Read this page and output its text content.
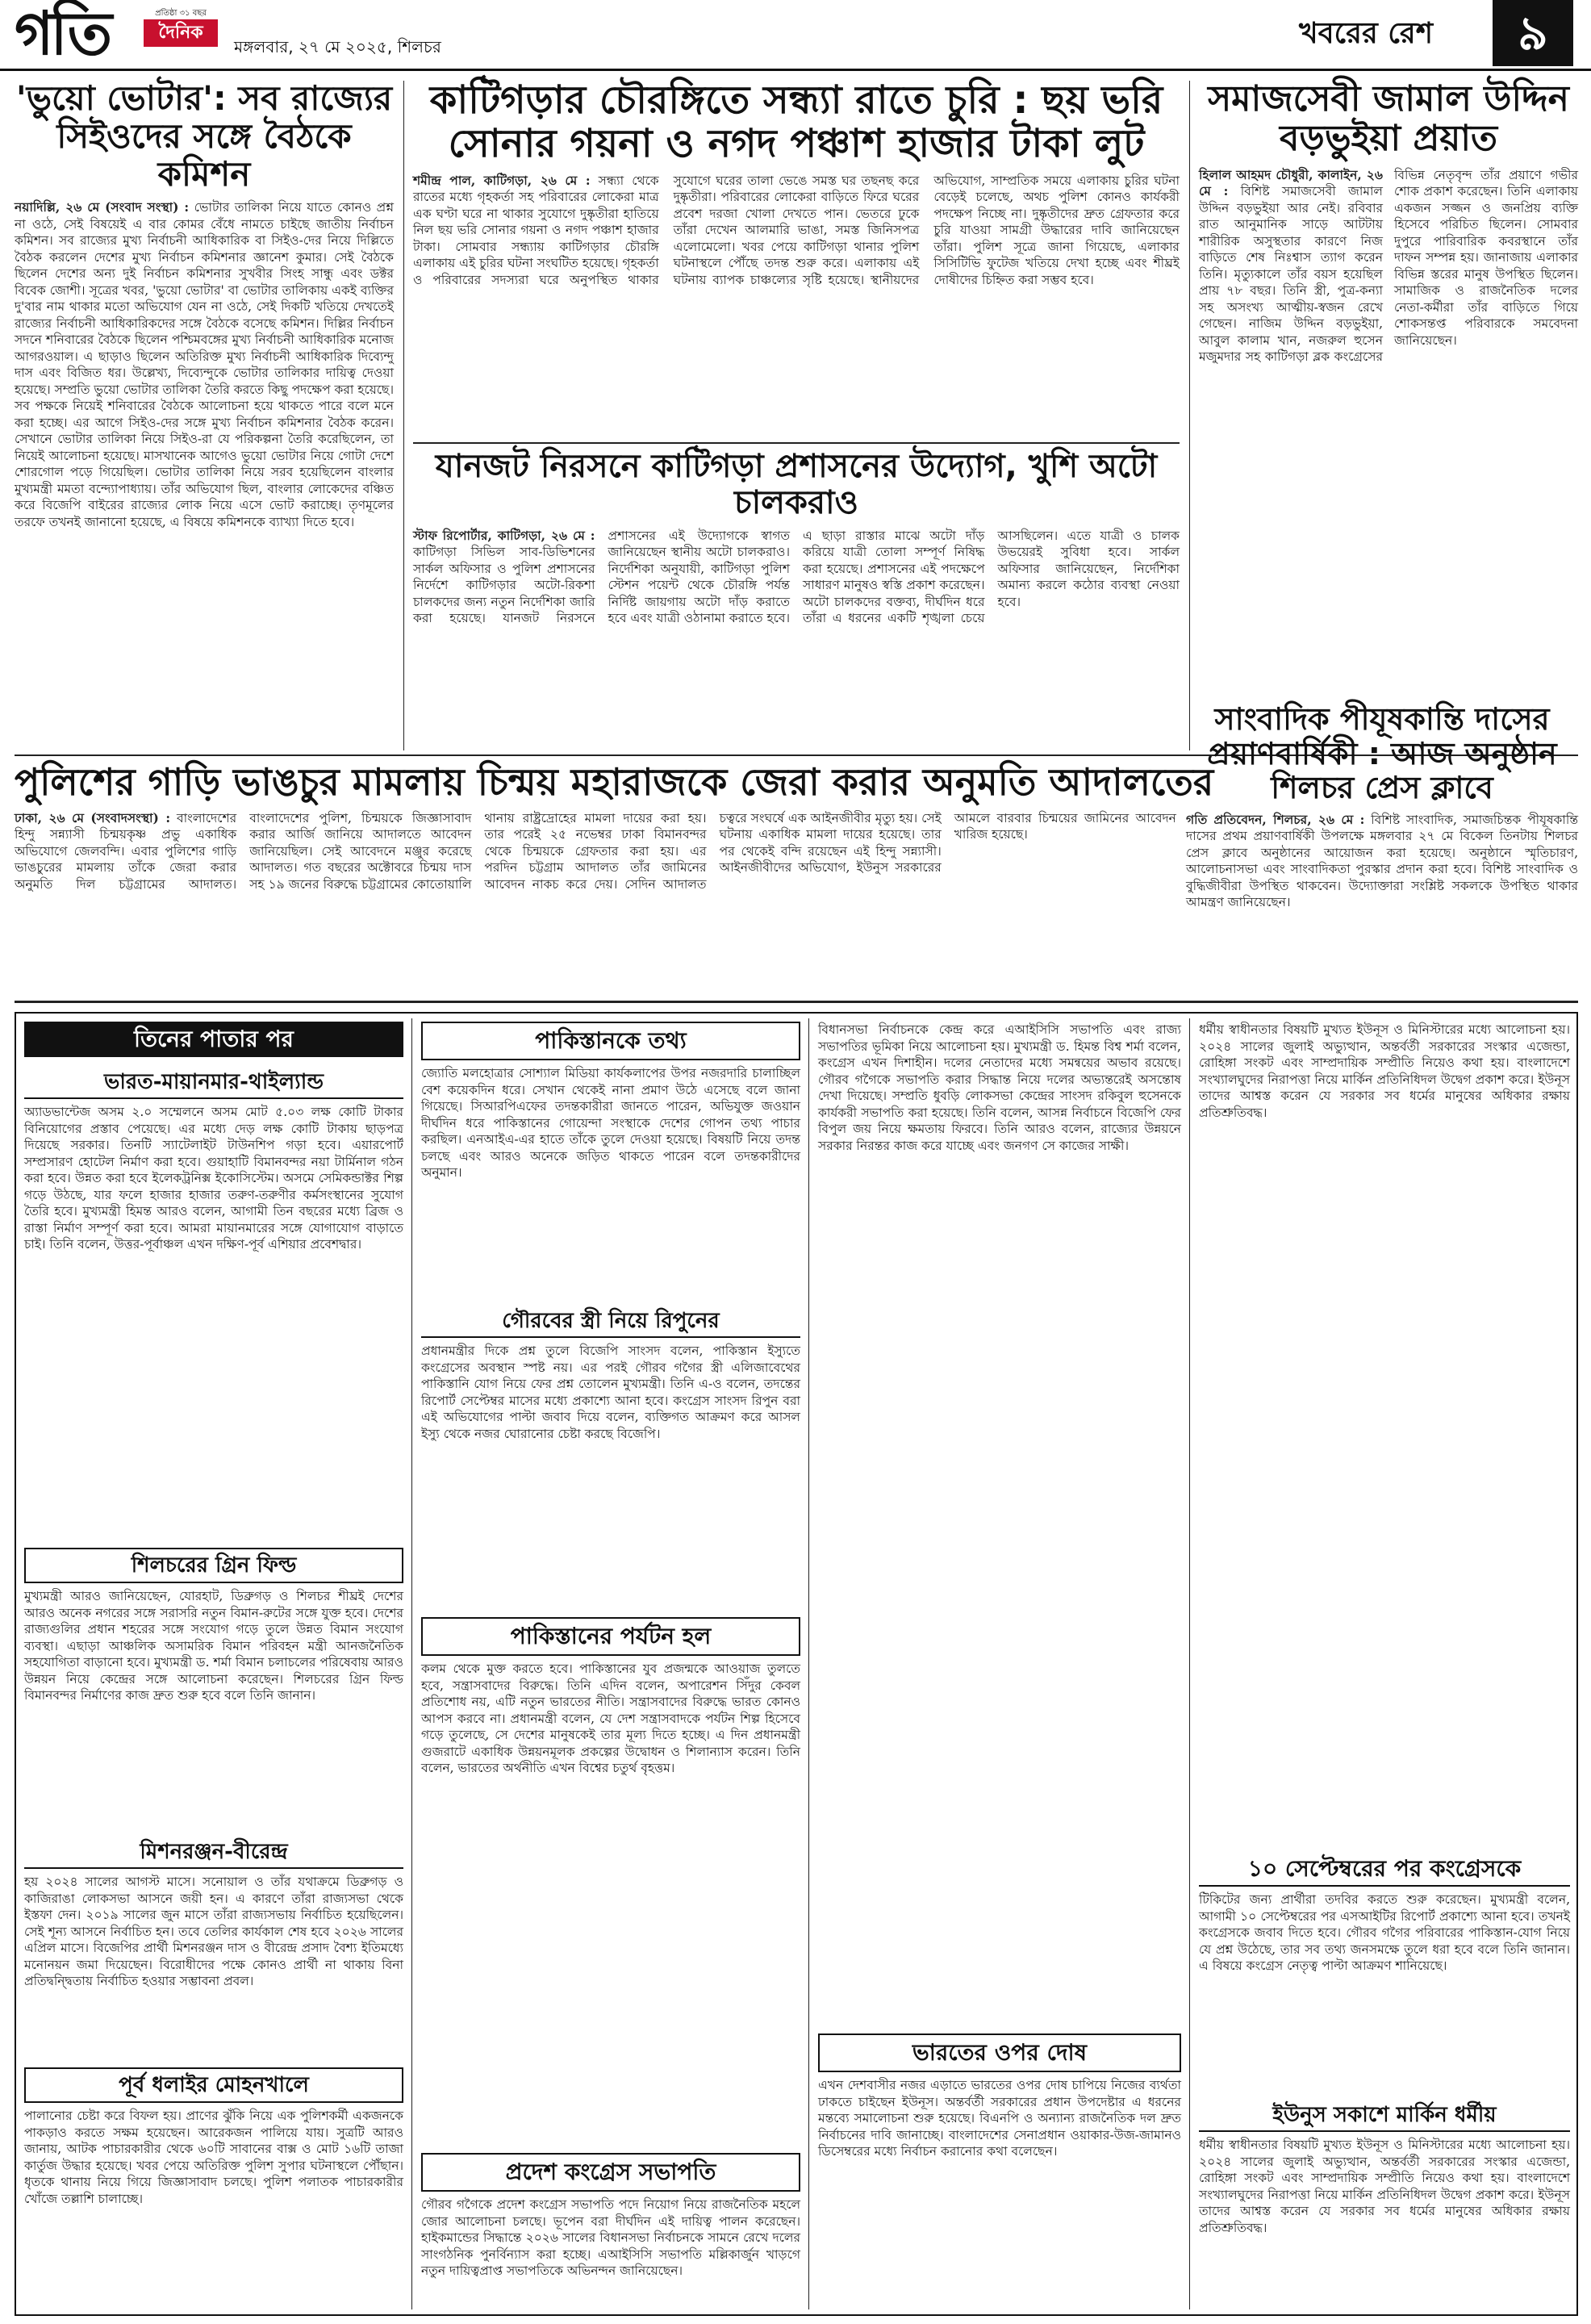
গতি	প্রতিষ্ঠা ৩১ বছর
দৈনিক
মঙ্গলবার, ২৭ মে ২০২৫, শিলচর	খবরের রেশ	৯
'ভুয়ো ভোটার': সব রাজ্যের সিইওদের সঙ্গে বৈঠকে কমিশন
নয়াদিল্লি, ২৬ মে (সংবাদ সংস্থা) : ভোটার তালিকা নিয়ে যাতে কোনও প্রশ্ন না ওঠে, সেই বিষয়েই এ বার কোমর বেঁধে নামতে চাইছে জাতীয় নির্বাচন কমিশন। সব রাজ্যের মুখ্য নির্বাচনী আধিকারিক বা সিইও-দের নিয়ে দিল্লিতে বৈঠক করলেন দেশের মুখ্য নির্বাচন কমিশনার জ্ঞানেশ কুমার। সেই বৈঠকে ছিলেন দেশের অন্য দুই নির্বাচন কমিশনার সুখবীর সিংহ সান্ধু এবং ডক্টর বিবেক জোশী। সূত্রের খবর, 'ভুয়ো ভোটার' বা ভোটার তালিকায় একই ব্যক্তির দু'বার নাম থাকার মতো অভিযোগ যেন না ওঠে, সেই দিকটি খতিয়ে দেখতেই রাজ্যের নির্বাচনী আধিকারিকদের সঙ্গে বৈঠকে বসেছে কমিশন। দিল্লির নির্বাচন সদনে শনিবারের বৈঠকে ছিলেন পশ্চিমবঙ্গের মুখ্য নির্বাচনী আধিকারিক মনোজ আগরওয়াল। এ ছাড়াও ছিলেন অতিরিক্ত মুখ্য নির্বাচনী আধিকারিক দিব্যেন্দু দাস এবং বিজিত ধর। উল্লেখ্য, দিব্যেন্দুকে ভোটার তালিকার দায়িত্ব দেওয়া হয়েছে। সম্প্রতি ভুয়ো ভোটার তালিকা তৈরি করতে কিছু পদক্ষেপ করা হয়েছে। সব পক্ষকে নিয়েই শনিবারের বৈঠকে আলোচনা হয়ে থাকতে পারে বলে মনে করা হচ্ছে। এর আগে সিইও-দের সঙ্গে মুখ্য নির্বাচন কমিশনার বৈঠক করেন। সেখানে ভোটার তালিকা নিয়ে সিইও-রা যে পরিকল্পনা তৈরি করেছিলেন, তা নিয়েই আলোচনা হয়েছে। মাসখানেক আগেও ভুয়ো ভোটার নিয়ে গোটা দেশে শোরগোল পড়ে গিয়েছিল। ভোটার তালিকা নিয়ে সরব হয়েছিলেন বাংলার মুখ্যমন্ত্রী মমতা বন্দ্যোপাধ্যায়। তাঁর অভিযোগ ছিল, বাংলার লোকেদের বঞ্চিত করে বিজেপি বাইরের রাজ্যের লোক নিয়ে এসে ভোট করাচ্ছে। তৃণমূলের তরফে তখনই জানানো হয়েছে, এ বিষয়ে কমিশনকে ব্যাখ্যা দিতে হবে।
কাটিগড়ার চৌরঙ্গিতে সন্ধ্যা রাতে চুরি : ছয় ভরি সোনার গয়না ও নগদ পঞ্চাশ হাজার টাকা লুট
শমীন্দ্র পাল, কাটিগড়া, ২৬ মে : সন্ধ্যা থেকে রাতের মধ্যে গৃহকর্তা সহ পরিবারের লোকেরা মাত্র এক ঘণ্টা ঘরে না থাকার সুযোগে দুষ্কৃতীরা হাতিয়ে নিল ছয় ভরি সোনার গয়না ও নগদ পঞ্চাশ হাজার টাকা। সোমবার সন্ধ্যায় কাটিগড়ার চৌরঙ্গি এলাকায় এই চুরির ঘটনা সংঘটিত হয়েছে। গৃহকর্তা ও পরিবারের সদস্যরা ঘরে অনুপস্থিত থাকার সুযোগে ঘরের তালা ভেঙে সমস্ত ঘর তছনছ করে দুষ্কৃতীরা। পরিবারের লোকেরা বাড়িতে ফিরে ঘরের প্রবেশ দরজা খোলা দেখতে পান। ভেতরে ঢুকে তাঁরা দেখেন আলমারি ভাঙা, সমস্ত জিনিসপত্র এলোমেলো। খবর পেয়ে কাটিগড়া থানার পুলিশ ঘটনাস্থলে পৌঁছে তদন্ত শুরু করে। এলাকায় এই ঘটনায় ব্যাপক চাঞ্চল্যের সৃষ্টি হয়েছে। স্থানীয়দের অভিযোগ, সাম্প্রতিক সময়ে এলাকায় চুরির ঘটনা বেড়েই চলেছে, অথচ পুলিশ কোনও কার্যকরী পদক্ষেপ নিচ্ছে না। দুষ্কৃতীদের দ্রুত গ্রেফতার করে চুরি যাওয়া সামগ্রী উদ্ধারের দাবি জানিয়েছেন তাঁরা। পুলিশ সূত্রে জানা গিয়েছে, এলাকার সিসিটিভি ফুটেজ খতিয়ে দেখা হচ্ছে এবং শীঘ্রই দোষীদের চিহ্নিত করা সম্ভব হবে।
যানজট নিরসনে কাটিগড়া প্রশাসনের উদ্যোগ, খুশি অটো চালকরাও
স্টাফ রিপোর্টার, কাটিগড়া, ২৬ মে : কাটিগড়া সিভিল সাব-ডিভিশনের সার্কল অফিসার ও পুলিশ প্রশাসনের নির্দেশে কাটিগড়ার অটো-রিকশা চালকদের জন্য নতুন নির্দেশিকা জারি করা হয়েছে। যানজট নিরসনে প্রশাসনের এই উদ্যোগকে স্বাগত জানিয়েছেন স্থানীয় অটো চালকরাও। নির্দেশিকা অনুযায়ী, কাটিগড়া পুলিশ স্টেশন পয়েন্ট থেকে চৌরঙ্গি পর্যন্ত নির্দিষ্ট জায়গায় অটো দাঁড় করাতে হবে এবং যাত্রী ওঠানামা করাতে হবে। এ ছাড়া রাস্তার মাঝে অটো দাঁড় করিয়ে যাত্রী তোলা সম্পূর্ণ নিষিদ্ধ করা হয়েছে। প্রশাসনের এই পদক্ষেপে সাধারণ মানুষও স্বস্তি প্রকাশ করেছেন। অটো চালকদের বক্তব্য, দীর্ঘদিন ধরে তাঁরা এ ধরনের একটি শৃঙ্খলা চেয়ে আসছিলেন। এতে যাত্রী ও চালক উভয়েরই সুবিধা হবে। সার্কল অফিসার জানিয়েছেন, নির্দেশিকা অমান্য করলে কঠোর ব্যবস্থা নেওয়া হবে।
সমাজসেবী জামাল উদ্দিন বড়ভুইয়া প্রয়াত
হিলাল আহমদ চৌধুরী, কালাইন, ২৬ মে : বিশিষ্ট সমাজসেবী জামাল উদ্দিন বড়ভুইয়া আর নেই। রবিবার রাত আনুমানিক সাড়ে আটটায় শারীরিক অসুস্থতার কারণে নিজ বাড়িতে শেষ নিঃশ্বাস ত্যাগ করেন তিনি। মৃত্যুকালে তাঁর বয়স হয়েছিল প্রায় ৭৮ বছর। তিনি স্ত্রী, পুত্র-কন্যা সহ অসংখ্য আত্মীয়-স্বজন রেখে গেছেন। নাজিম উদ্দিন বড়ভুইয়া, আবুল কালাম খান, নজরুল হুসেন মজুমদার সহ কাটিগড়া ব্লক কংগ্রেসের বিভিন্ন নেতৃবৃন্দ তাঁর প্রয়াণে গভীর শোক প্রকাশ করেছেন। তিনি এলাকায় একজন সজ্জন ও জনপ্রিয় ব্যক্তি হিসেবে পরিচিত ছিলেন। সোমবার দুপুরে পারিবারিক কবরস্থানে তাঁর দাফন সম্পন্ন হয়। জানাজায় এলাকার বিভিন্ন স্তরের মানুষ উপস্থিত ছিলেন। সামাজিক ও রাজনৈতিক দলের নেতা-কর্মীরা তাঁর বাড়িতে গিয়ে শোকসন্তপ্ত পরিবারকে সমবেদনা জানিয়েছেন।
পুলিশের গাড়ি ভাঙচুর মামলায় চিন্ময় মহারাজকে জেরা করার অনুমতি আদালতের
ঢাকা, ২৬ মে (সংবাদসংস্থা) : বাংলাদেশের হিন্দু সন্ন্যাসী চিন্ময়কৃষ্ণ প্রভু একাধিক অভিযোগে জেলবন্দি। এবার পুলিশের গাড়ি ভাঙচুরের মামলায় তাঁকে জেরা করার অনুমতি দিল চট্টগ্রামের আদালত। বাংলাদেশের পুলিশ, চিন্ময়কে জিজ্ঞাসাবাদ করার আর্জি জানিয়ে আদালতে আবেদন জানিয়েছিল। সেই আবেদনে মঞ্জুর করেছে আদালত। গত বছরের অক্টোবরে চিন্ময় দাস সহ ১৯ জনের বিরুদ্ধে চট্টগ্রামের কোতোয়ালি থানায় রাষ্ট্রদ্রোহের মামলা দায়ের করা হয়। তার পরেই ২৫ নভেম্বর ঢাকা বিমানবন্দর থেকে চিন্ময়কে গ্রেফতার করা হয়। এর পরদিন চট্টগ্রাম আদালত তাঁর জামিনের আবেদন নাকচ করে দেয়। সেদিন আদালত চত্বরে সংঘর্ষে এক আইনজীবীর মৃত্যু হয়। সেই ঘটনায় একাধিক মামলা দায়ের হয়েছে। তার পর থেকেই বন্দি রয়েছেন এই হিন্দু সন্ন্যাসী। আইনজীবীদের অভিযোগ, ইউনুস সরকারের আমলে বারবার চিন্ময়ের জামিনের আবেদন খারিজ হয়েছে।
সাংবাদিক পীযূষকান্তি দাসের প্রয়াণবার্ষিকী : আজ অনুষ্ঠান শিলচর প্রেস ক্লাবে
গতি প্রতিবেদন, শিলচর, ২৬ মে : বিশিষ্ট সাংবাদিক, সমাজচিন্তক পীযূষকান্তি দাসের প্রথম প্রয়াণবার্ষিকী উপলক্ষে মঙ্গলবার ২৭ মে বিকেল তিনটায় শিলচর প্রেস ক্লাবে অনুষ্ঠানের আয়োজন করা হয়েছে। অনুষ্ঠানে স্মৃতিচারণ, আলোচনাসভা এবং সাংবাদিকতা পুরস্কার প্রদান করা হবে। বিশিষ্ট সাংবাদিক ও বুদ্ধিজীবীরা উপস্থিত থাকবেন। উদ্যোক্তারা সংশ্লিষ্ট সকলকে উপস্থিত থাকার আমন্ত্রণ জানিয়েছেন।
তিনের পাতার পর
ভারত-মায়ানমার-থাইল্যান্ড
অ্যাডভান্টেজ অসম ২.০ সম্মেলনে অসম মোট ৫.০৩ লক্ষ কোটি টাকার বিনিয়োগের প্রস্তাব পেয়েছে। এর মধ্যে দেড় লক্ষ কোটি টাকায় ছাড়পত্র দিয়েছে সরকার। তিনটি স্যাটেলাইট টাউনশিপ গড়া হবে। এয়ারপোর্ট সম্প্রসারণ হোটেল নির্মাণ করা হবে। গুয়াহাটি বিমানবন্দর নয়া টার্মিনাল গঠন করা হবে। উন্নত করা হবে ইলেকট্রনিক্স ইকোসিস্টেম। অসমে সেমিকন্ডাক্টর শিল্প গড়ে উঠছে, যার ফলে হাজার হাজার তরুণ-তরুণীর কর্মসংস্থানের সুযোগ তৈরি হবে। মুখ্যমন্ত্রী হিমন্ত আরও বলেন, আগামী তিন বছরের মধ্যে ব্রিজ ও রাস্তা নির্মাণ সম্পূর্ণ করা হবে। আমরা মায়ানমারের সঙ্গে যোগাযোগ বাড়াতে চাই। তিনি বলেন, উত্তর-পূর্বাঞ্চল এখন দক্ষিণ-পূর্ব এশিয়ার প্রবেশদ্বার।
শিলচরের গ্রিন ফিল্ড
মুখ্যমন্ত্রী আরও জানিয়েছেন, যোরহাট, ডিব্রুগড় ও শিলচর শীঘ্রই দেশের আরও অনেক নগরের সঙ্গে সরাসরি নতুন বিমান-রুটের সঙ্গে যুক্ত হবে। দেশের রাজ্যগুলির প্রধান শহরের সঙ্গে সংযোগ গড়ে তুলে উন্নত বিমান সংযোগ ব্যবস্থা। এছাড়া আঞ্চলিক অসামরিক বিমান পরিবহন মন্ত্রী আনজনৈতিক সহযোগিতা বাড়ানো হবে। মুখ্যমন্ত্রী ড. শর্মা বিমান চলাচলের পরিষেবায় আরও উন্নয়ন নিয়ে কেন্দ্রের সঙ্গে আলোচনা করেছেন। শিলচরের গ্রিন ফিল্ড বিমানবন্দর নির্মাণের কাজ দ্রুত শুরু হবে বলে তিনি জানান।
মিশনরঞ্জন-বীরেন্দ্র
হয় ২০২৪ সালের আগস্ট মাসে। সনোয়াল ও তাঁর যথাক্রমে ডিব্রুগড় ও কাজিরাঙা লোকসভা আসনে জয়ী হন। এ কারণে তাঁরা রাজ্যসভা থেকে ইস্তফা দেন। ২০১৯ সালের জুন মাসে তাঁরা রাজ্যসভায় নির্বাচিত হয়েছিলেন। সেই শূন্য আসনে নির্বাচিত হন। তবে তেলির কার্যকাল শেষ হবে ২০২৬ সালের এপ্রিল মাসে। বিজেপির প্রার্থী মিশনরঞ্জন দাস ও বীরেন্দ্র প্রসাদ বৈশ্য ইতিমধ্যে মনোনয়ন জমা দিয়েছেন। বিরোধীদের পক্ষে কোনও প্রার্থী না থাকায় বিনা প্রতিদ্বন্দ্বিতায় নির্বাচিত হওয়ার সম্ভাবনা প্রবল।
পূর্ব ধলাইর মোহনখালে
পালানোর চেষ্টা করে বিফল হয়। প্রাণের ঝুঁকি নিয়ে এক পুলিশকর্মী একজনকে পাকড়াও করতে সক্ষম হয়েছেন। আরেকজন পালিয়ে যায়। সুত্রটি আরও জানায়, আটক পাচারকারীর থেকে ৬০টি সাবানের বাক্স ও মোট ১৬টি তাজা কার্তুজ উদ্ধার হয়েছে। খবর পেয়ে অতিরিক্ত পুলিশ সুপার ঘটনাস্থলে পৌঁছান। ধৃতকে থানায় নিয়ে গিয়ে জিজ্ঞাসাবাদ চলছে। পুলিশ পলাতক পাচারকারীর খোঁজে তল্লাশি চালাচ্ছে।
পাকিস্তানকে তথ্য
জ্যোতি মলহোত্রার সোশ্যাল মিডিয়া কার্যকলাপের উপর নজরদারি চালাচ্ছিল বেশ কয়েকদিন ধরে। সেখান থেকেই নানা প্রমাণ উঠে এসেছে বলে জানা গিয়েছে। সিআরপিএফের তদন্তকারীরা জানতে পারেন, অভিযুক্ত জওয়ান দীর্ঘদিন ধরে পাকিস্তানের গোয়েন্দা সংস্থাকে দেশের গোপন তথ্য পাচার করছিল। এনআইএ-এর হাতে তাঁকে তুলে দেওয়া হয়েছে। বিষয়টি নিয়ে তদন্ত চলছে এবং আরও অনেকে জড়িত থাকতে পারেন বলে তদন্তকারীদের অনুমান।
গৌরবের স্ত্রী নিয়ে রিপুনের
প্রধানমন্ত্রীর দিকে প্রশ্ন তুলে বিজেপি সাংসদ বলেন, পাকিস্তান ইস্যুতে কংগ্রেসের অবস্থান স্পষ্ট নয়। এর পরই গৌরব গগৈর স্ত্রী এলিজাবেথের পাকিস্তানি যোগ নিয়ে ফের প্রশ্ন তোলেন মুখ্যমন্ত্রী। তিনি এ-ও বলেন, তদন্তের রিপোর্ট সেপ্টেম্বর মাসের মধ্যে প্রকাশ্যে আনা হবে। কংগ্রেস সাংসদ রিপুন বরা এই অভিযোগের পাল্টা জবাব দিয়ে বলেন, ব্যক্তিগত আক্রমণ করে আসল ইস্যু থেকে নজর ঘোরানোর চেষ্টা করছে বিজেপি।
পাকিস্তানের পর্যটন হল
কলম থেকে মুক্ত করতে হবে। পাকিস্তানের যুব প্রজন্মকে আওয়াজ তুলতে হবে, সন্ত্রাসবাদের বিরুদ্ধে। তিনি এদিন বলেন, অপারেশন সিঁদুর কেবল প্রতিশোধ নয়, এটি নতুন ভারতের নীতি। সন্ত্রাসবাদের বিরুদ্ধে ভারত কোনও আপস করবে না। প্রধানমন্ত্রী বলেন, যে দেশ সন্ত্রাসবাদকে পর্যটন শিল্প হিসেবে গড়ে তুলেছে, সে দেশের মানুষকেই তার মূল্য দিতে হচ্ছে। এ দিন প্রধানমন্ত্রী গুজরাটে একাধিক উন্নয়নমূলক প্রকল্পের উদ্বোধন ও শিলান্যাস করেন। তিনি বলেন, ভারতের অর্থনীতি এখন বিশ্বের চতুর্থ বৃহত্তম।
প্রদেশ কংগ্রেস সভাপতি
গৌরব গগৈকে প্রদেশ কংগ্রেস সভাপতি পদে নিয়োগ নিয়ে রাজনৈতিক মহলে জোর আলোচনা চলছে। ভূপেন বরা দীর্ঘদিন এই দায়িত্ব পালন করেছেন। হাইকমান্ডের সিদ্ধান্তে ২০২৬ সালের বিধানসভা নির্বাচনকে সামনে রেখে দলের সাংগঠনিক পুনর্বিন্যাস করা হচ্ছে। এআইসিসি সভাপতি মল্লিকার্জুন খাড়গে নতুন দায়িত্বপ্রাপ্ত সভাপতিকে অভিনন্দন জানিয়েছেন।
বিধানসভা নির্বাচনকে কেন্দ্র করে এআইসিসি সভাপতি এবং রাজ্য সভাপতির ভূমিকা নিয়ে আলোচনা হয়। মুখ্যমন্ত্রী ড. হিমন্ত বিশ্ব শর্মা বলেন, কংগ্রেস এখন দিশাহীন। দলের নেতাদের মধ্যে সমন্বয়ের অভাব রয়েছে। গৌরব গগৈকে সভাপতি করার সিদ্ধান্ত নিয়ে দলের অভ্যন্তরেই অসন্তোষ দেখা দিয়েছে। সম্প্রতি ধুবড়ি লোকসভা কেন্দ্রের সাংসদ রকিবুল হুসেনকে কার্যকরী সভাপতি করা হয়েছে। তিনি বলেন, আসন্ন নির্বাচনে বিজেপি ফের বিপুল জয় নিয়ে ক্ষমতায় ফিরবে। তিনি আরও বলেন, রাজ্যের উন্নয়নে সরকার নিরন্তর কাজ করে যাচ্ছে এবং জনগণ সে কাজের সাক্ষী।
ভারতের ওপর দোষ
এখন দেশবাসীর নজর এড়াতে ভারতের ওপর দোষ চাপিয়ে নিজের ব্যর্থতা ঢাকতে চাইছেন ইউনূস। অন্তর্বর্তী সরকারের প্রধান উপদেষ্টার এ ধরনের মন্তব্যে সমালোচনা শুরু হয়েছে। বিএনপি ও অন্যান্য রাজনৈতিক দল দ্রুত নির্বাচনের দাবি জানাচ্ছে। বাংলাদেশের সেনাপ্রধান ওয়াকার-উজ-জামানও ডিসেম্বরের মধ্যে নির্বাচন করানোর কথা বলেছেন।
ধর্মীয় স্বাধীনতার বিষয়টি মুখ্যত ইউনূস ও মিনিস্টারের মধ্যে আলোচনা হয়। ২০২৪ সালের জুলাই অভ্যুত্থান, অন্তর্বর্তী সরকারের সংস্কার এজেন্ডা, রোহিঙ্গা সংকট এবং সাম্প্রদায়িক সম্প্রীতি নিয়েও কথা হয়। বাংলাদেশে সংখ্যালঘুদের নিরাপত্তা নিয়ে মার্কিন প্রতিনিধিদল উদ্বেগ প্রকাশ করে। ইউনূস তাদের আশ্বস্ত করেন যে সরকার সব ধর্মের মানুষের অধিকার রক্ষায় প্রতিশ্রুতিবদ্ধ।
১০ সেপ্টেম্বরের পর কংগ্রেসকে
টিকিটের জন্য প্রার্থীরা তদবির করতে শুরু করেছেন। মুখ্যমন্ত্রী বলেন, আগামী ১০ সেপ্টেম্বরের পর এসআইটির রিপোর্ট প্রকাশ্যে আনা হবে। তখনই কংগ্রেসকে জবাব দিতে হবে। গৌরব গগৈর পরিবারের পাকিস্তান-যোগ নিয়ে যে প্রশ্ন উঠেছে, তার সব তথ্য জনসমক্ষে তুলে ধরা হবে বলে তিনি জানান। এ বিষয়ে কংগ্রেস নেতৃত্ব পাল্টা আক্রমণ শানিয়েছে।
ইউনুস সকাশে মার্কিন ধর্মীয়
ধর্মীয় স্বাধীনতার বিষয়টি মুখ্যত ইউনূস ও মিনিস্টারের মধ্যে আলোচনা হয়। ২০২৪ সালের জুলাই অভ্যুত্থান, অন্তর্বর্তী সরকারের সংস্কার এজেন্ডা, রোহিঙ্গা সংকট এবং সাম্প্রদায়িক সম্প্রীতি নিয়েও কথা হয়। বাংলাদেশে সংখ্যালঘুদের নিরাপত্তা নিয়ে মার্কিন প্রতিনিধিদল উদ্বেগ প্রকাশ করে। ইউনূস তাদের আশ্বস্ত করেন যে সরকার সব ধর্মের মানুষের অধিকার রক্ষায় প্রতিশ্রুতিবদ্ধ।
